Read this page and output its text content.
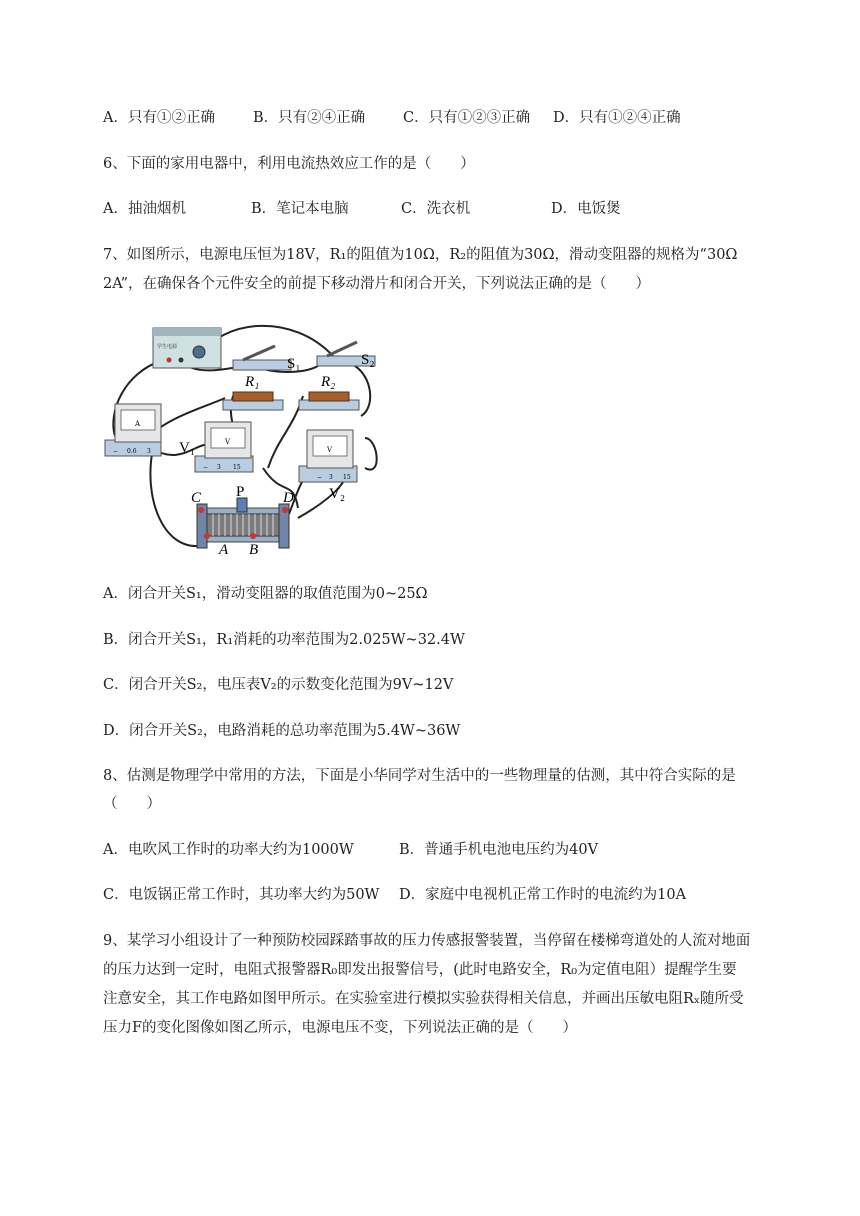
A．只有①②正确	B．只有②④正确	C．只有①②③正确 D．只有①②④正确
6、下面的家用电器中，利用电流热效应工作的是（　　）
A．抽油烟机	B．笔记本电脑	C．洗衣机	D．电饭煲
7、如图所示，电源电压恒为18V，R₁的阻值为10Ω，R₂的阻值为30Ω，滑动变阻器的规格为“30Ω
2A”，在确保各个元件安全的前提下移动滑片和闭合开关，下列说法正确的是（　　）
学生电源
S₁	S₂
R₁	R₂
A
− 0.6 3
V
V₁
− 3 15
V
− 3 15
V₂
C P	D
A B
A．闭合开关S₁，滑动变阻器的取值范围为0~25Ω
B．闭合开关S₁，R₁消耗的功率范围为2.025W~32.4W
C．闭合开关S₂，电压表V₂的示数变化范围为9V~12V
D．闭合开关S₂，电路消耗的总功率范围为5.4W~36W
8、估测是物理学中常用的方法，下面是小华同学对生活中的一些物理量的估测，其中符合实际的是
（　　）
A．电吹风工作时的功率大约为1000W	B．普通手机电池电压约为40V
C．电饭锅正常工作时，其功率大约为50W D．家庭中电视机正常工作时的电流约为10A
9、某学习小组设计了一种预防校园踩踏事故的压力传感报警装置，当停留在楼梯弯道处的人流对地面
的压力达到一定时，电阻式报警器R₀即发出报警信号，(此时电路安全，R₀为定值电阻）提醒学生要
注意安全，其工作电路如图甲所示。在实验室进行模拟实验获得相关信息，并画出压敏电阻Rₓ随所受
压力F的变化图像如图乙所示，电源电压不变，下列说法正确的是（　　）
